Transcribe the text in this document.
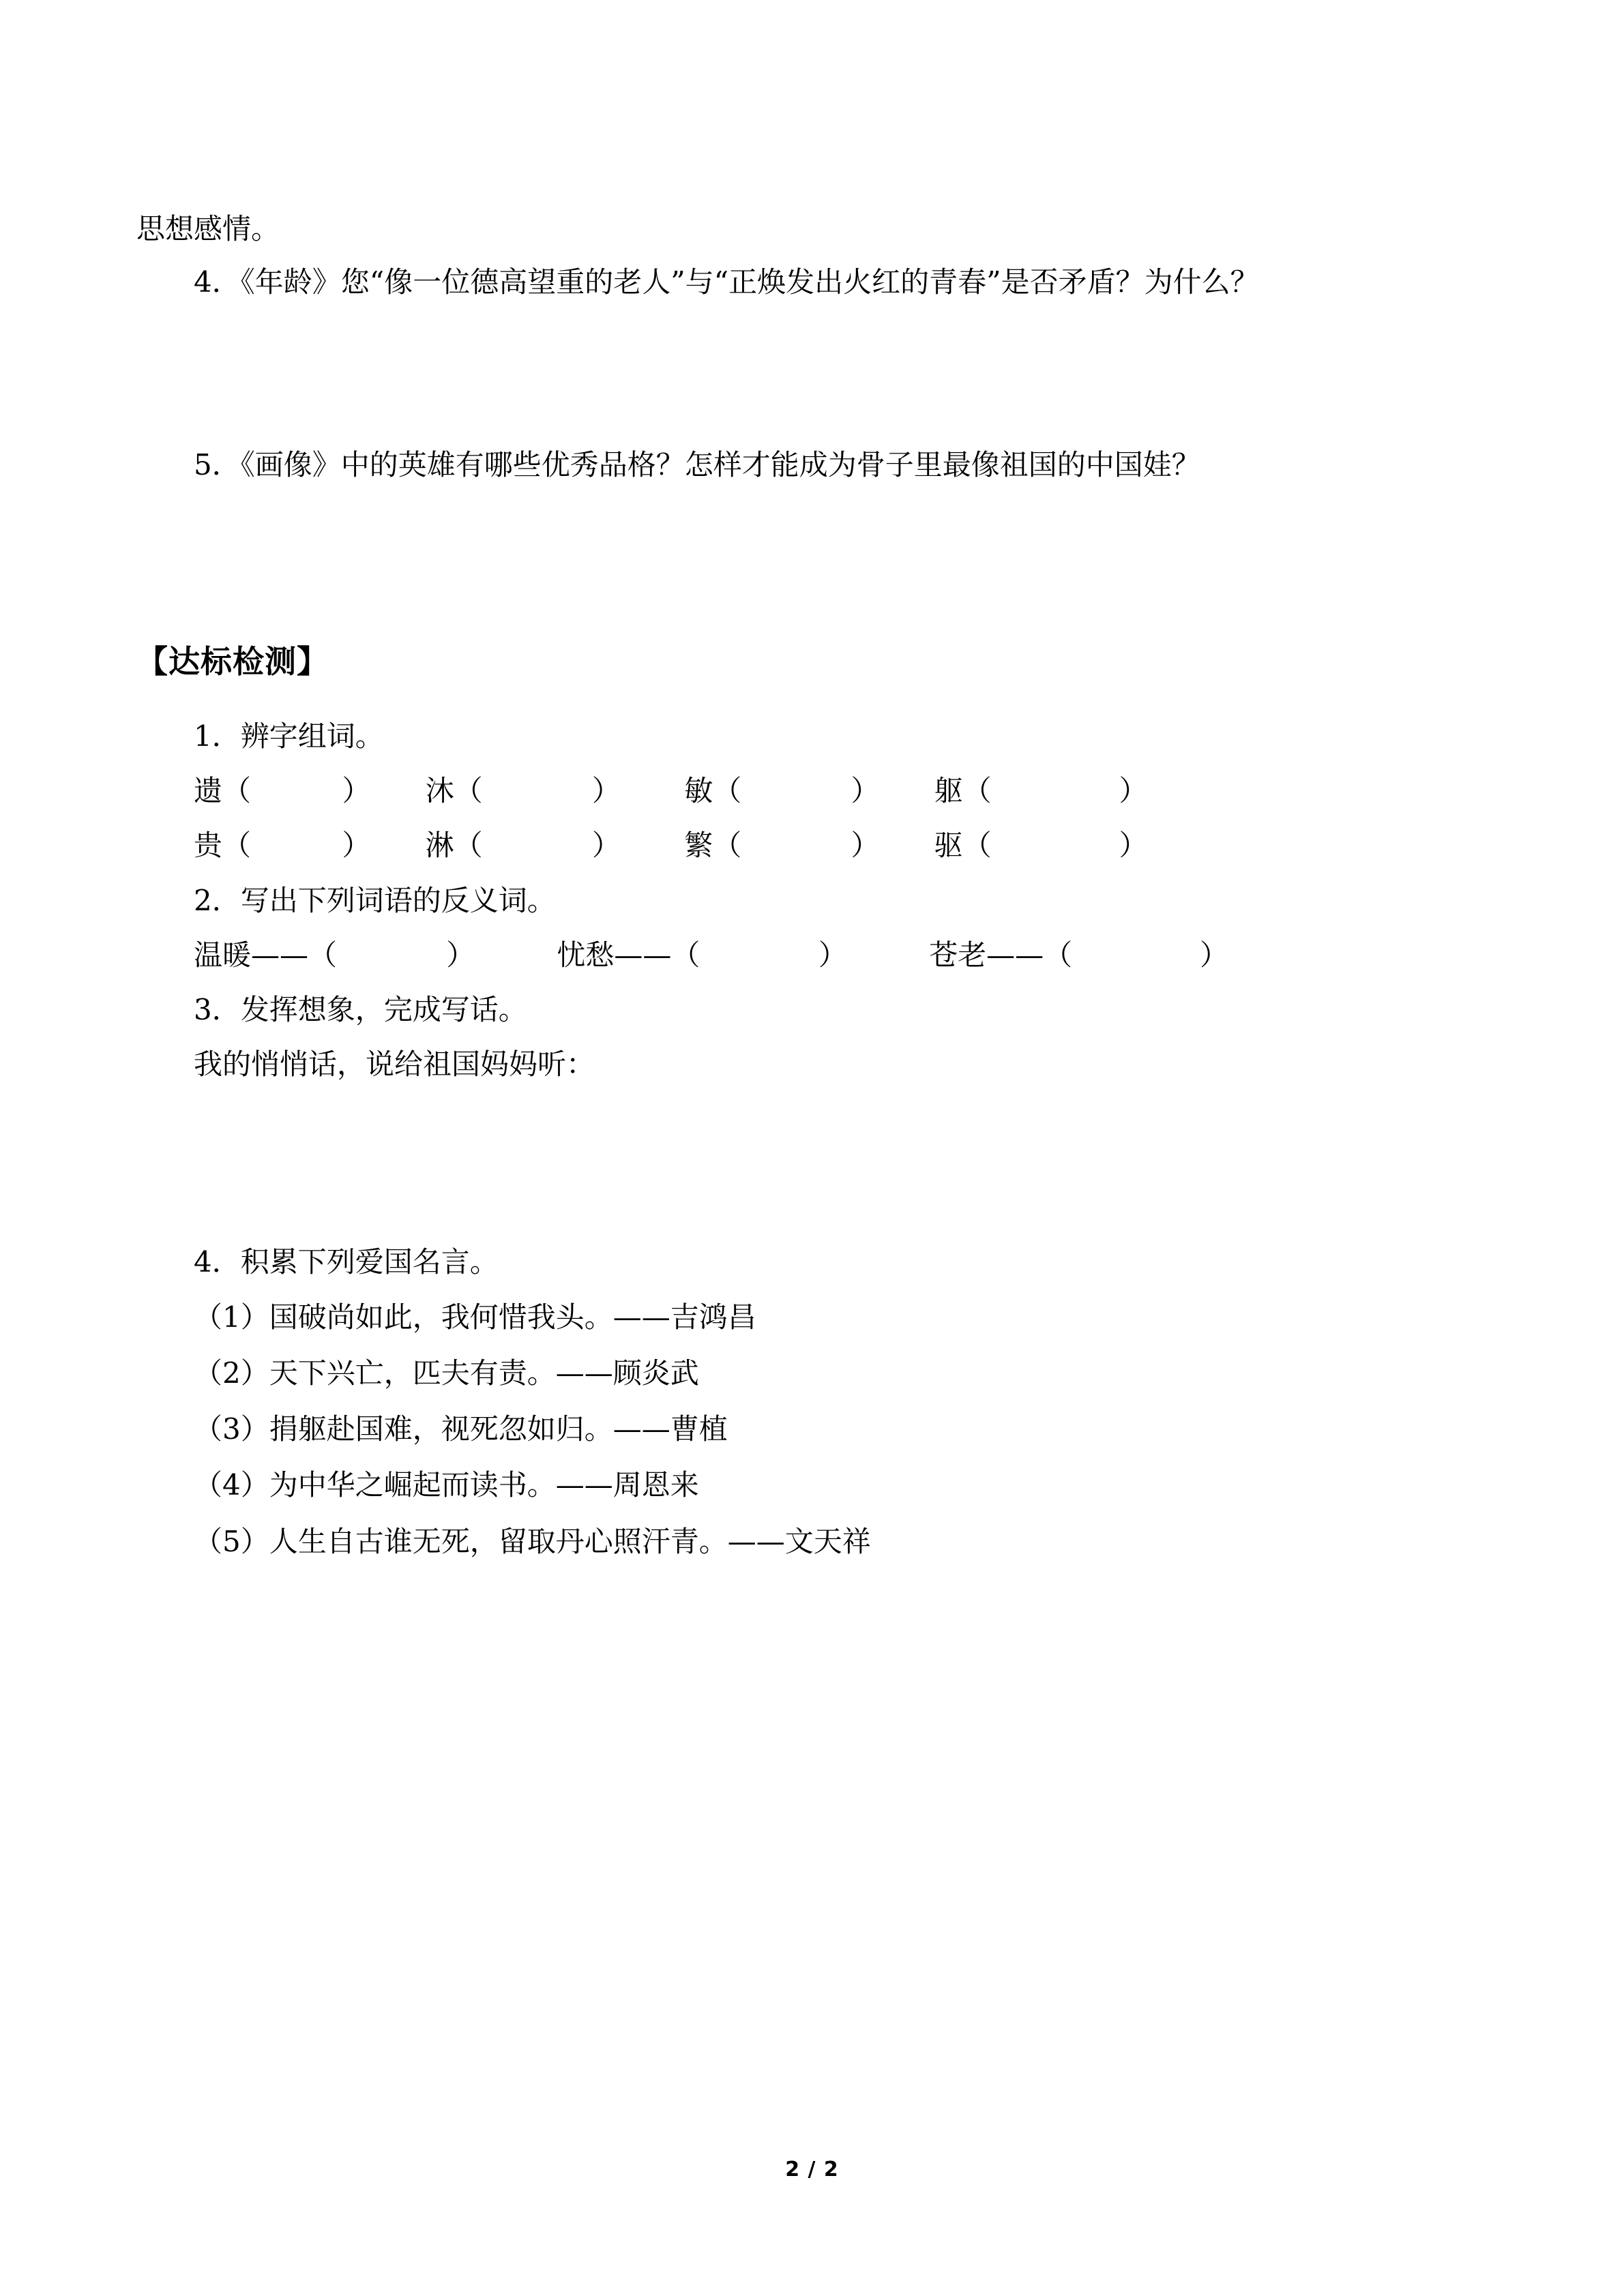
思想感情。

4．《年龄》您“像一位德高望重的老人”与“正焕发出火红的青春”是否矛盾？为什么？

5．《画像》中的英雄有哪些优秀品格？怎样才能成为骨子里最像祖国的中国娃？

【达标检测】

1．辨字组词。

遗（          ）      沐（            ）       敏（            ）      躯（              ）

贵（          ）      淋（            ）       繁（            ）      驱（              ）

2．写出下列词语的反义词。

温暖——（            ）         忧愁——（             ）         苍老——（              ）

3．发挥想象，完成写话。

我的悄悄话，说给祖国妈妈听：

4．积累下列爱国名言。

（1）国破尚如此，我何惜我头。——吉鸿昌

（2）天下兴亡，匹夫有责。——顾炎武

（3）捐躯赴国难，视死忽如归。——曹植

（4）为中华之崛起而读书。——周恩来

（5）人生自古谁无死，留取丹心照汗青。——文天祥

2 / 2
